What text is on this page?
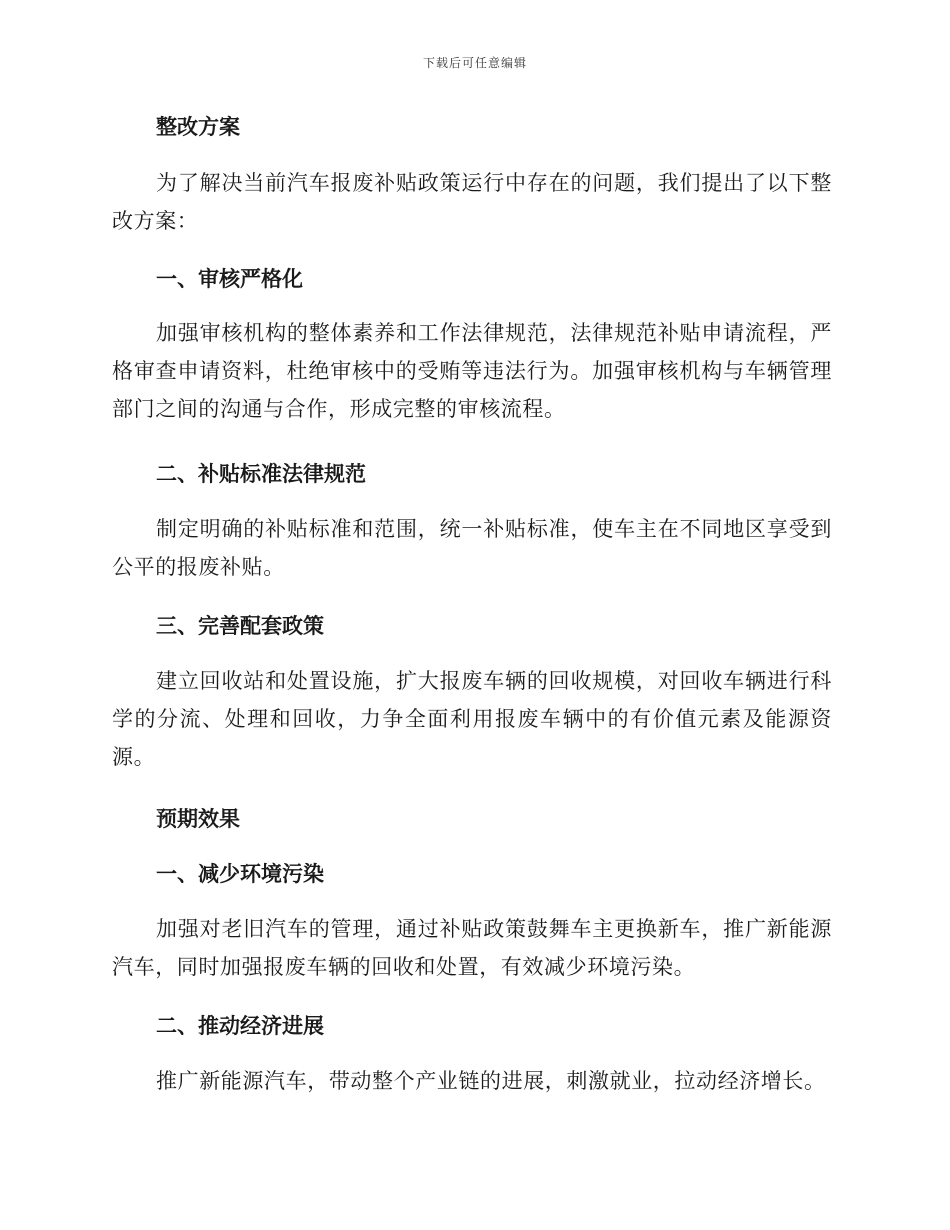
下载后可任意编辑
整改方案
为了解决当前汽车报废补贴政策运行中存在的问题，我们提出了以下整改方案：
一、审核严格化
加强审核机构的整体素养和工作法律规范，法律规范补贴申请流程，严格审查申请资料，杜绝审核中的受贿等违法行为。加强审核机构与车辆管理部门之间的沟通与合作，形成完整的审核流程。
二、补贴标准法律规范
制定明确的补贴标准和范围，统一补贴标准，使车主在不同地区享受到公平的报废补贴。
三、完善配套政策
建立回收站和处置设施，扩大报废车辆的回收规模，对回收车辆进行科学的分流、处理和回收，力争全面利用报废车辆中的有价值元素及能源资源。
预期效果
一、减少环境污染
加强对老旧汽车的管理，通过补贴政策鼓舞车主更换新车，推广新能源汽车，同时加强报废车辆的回收和处置，有效减少环境污染。
二、推动经济进展
推广新能源汽车，带动整个产业链的进展，刺激就业，拉动经济增长。
